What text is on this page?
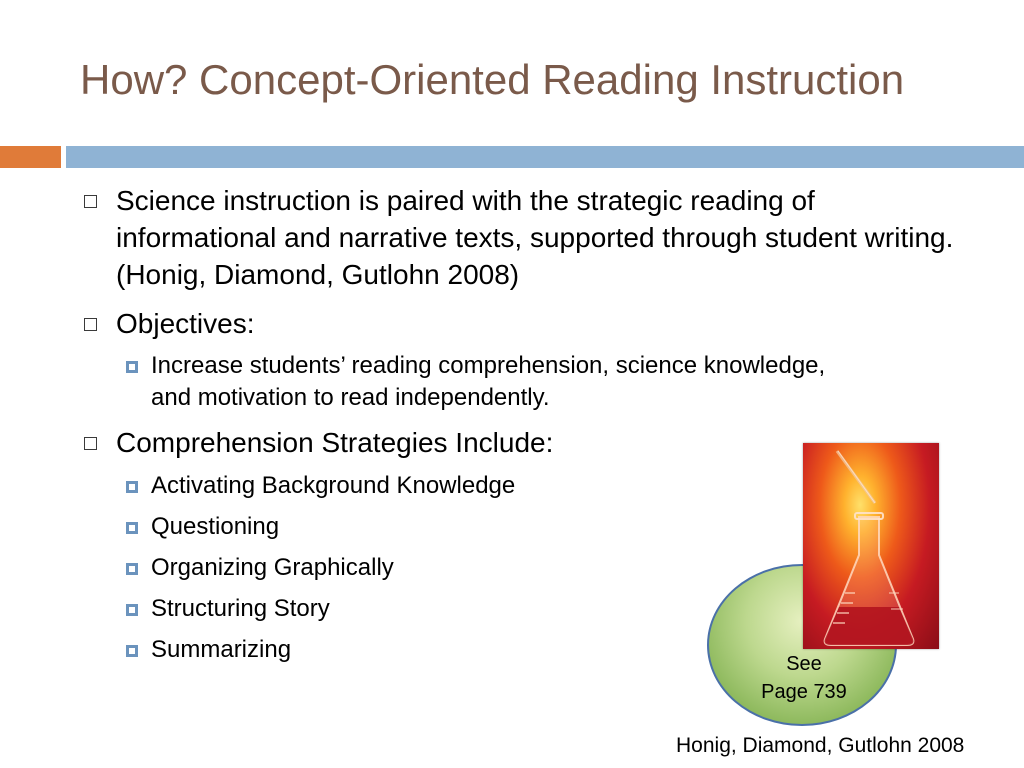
How? Concept-Oriented Reading Instruction
Science instruction is paired with the strategic reading of informational and narrative texts, supported through student writing. (Honig, Diamond, Gutlohn 2008)
Objectives:
Increase students’ reading comprehension, science knowledge, and motivation to read independently.
Comprehension Strategies Include:
Activating Background Knowledge
Questioning
Organizing Graphically
Structuring Story
Summarizing
See
Page 739
Honig, Diamond, Gutlohn 2008
